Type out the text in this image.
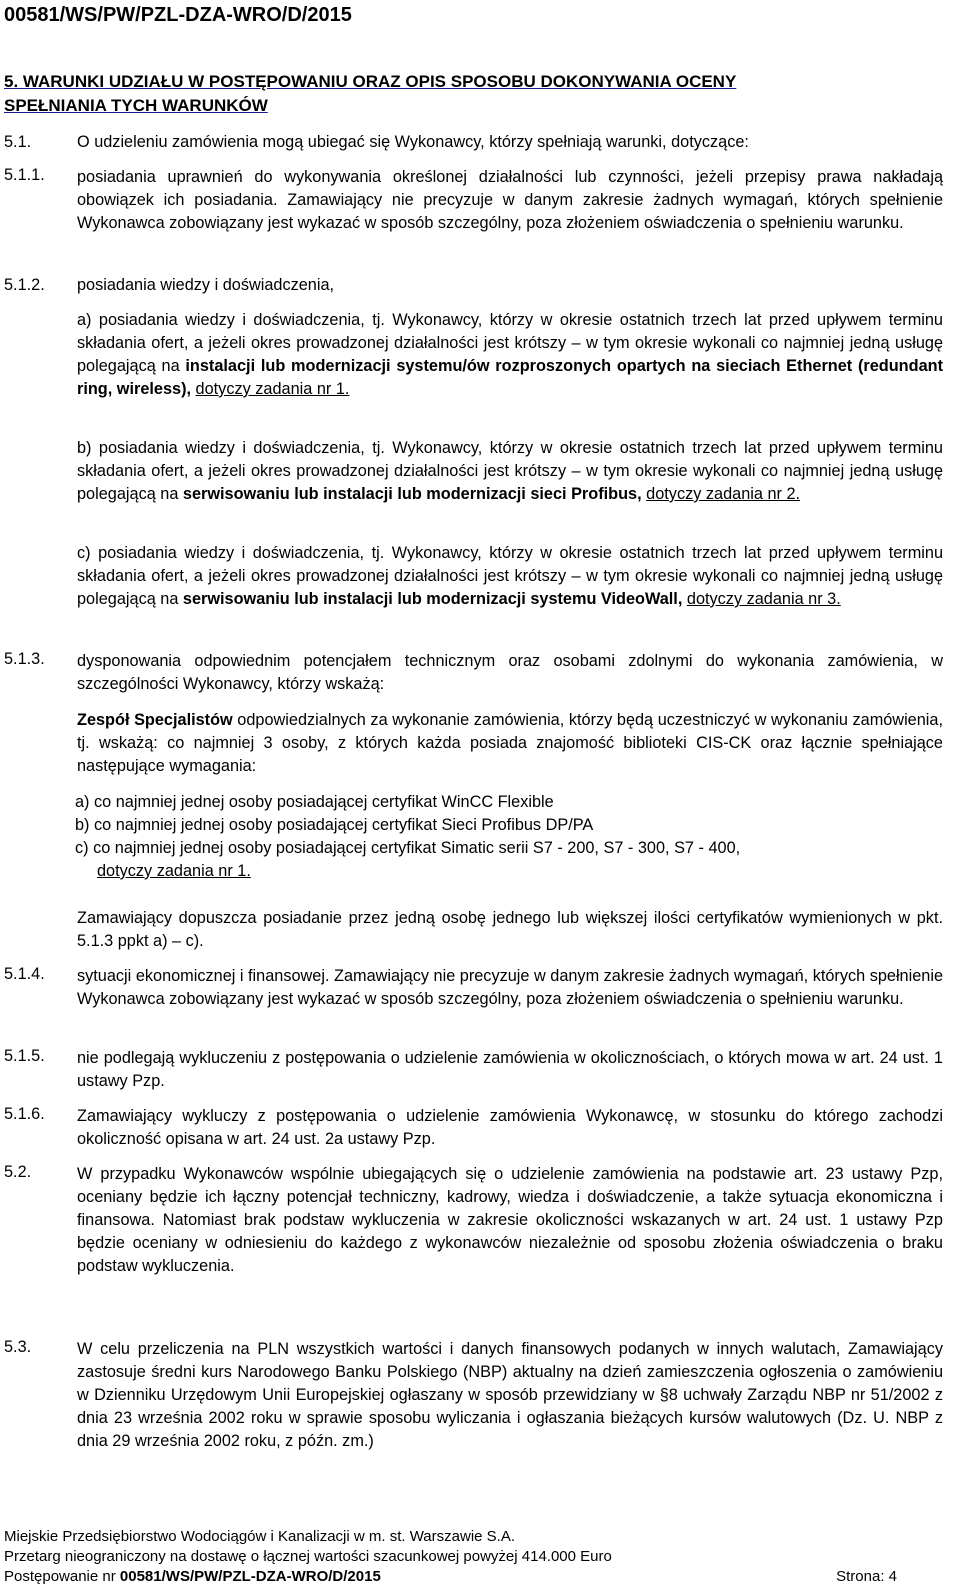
00581/WS/PW/PZL-DZA-WRO/D/2015
5. WARUNKI UDZIAŁU W POSTĘPOWANIU ORAZ OPIS SPOSOBU DOKONYWANIA OCENY
SPEŁNIANIA TYCH WARUNKÓW
5.1.	O udzieleniu zamówienia mogą ubiegać się Wykonawcy, którzy spełniają warunki, dotyczące:
5.1.1. posiadania uprawnień do wykonywania określonej działalności lub czynności, jeżeli przepisy prawa nakładają obowiązek ich posiadania. Zamawiający nie precyzuje w danym zakresie żadnych wymagań, których spełnienie Wykonawca zobowiązany jest wykazać w sposób szczególny, poza złożeniem oświadczenia o spełnieniu warunku.
5.1.2. posiadania wiedzy i doświadczenia,
a) posiadania wiedzy i doświadczenia, tj. Wykonawcy, którzy w okresie ostatnich trzech lat przed upływem terminu składania ofert, a jeżeli okres prowadzonej działalności jest krótszy – w tym okresie wykonali co najmniej jedną usługę polegającą na instalacji lub modernizacji systemu/ów rozproszonych opartych na sieciach Ethernet (redundant ring, wireless), dotyczy zadania nr 1.
b) posiadania wiedzy i doświadczenia, tj. Wykonawcy, którzy w okresie ostatnich trzech lat przed upływem terminu składania ofert, a jeżeli okres prowadzonej działalności jest krótszy – w tym okresie wykonali co najmniej jedną usługę polegającą na serwisowaniu lub instalacji lub modernizacji sieci Profibus, dotyczy zadania nr 2.
c) posiadania wiedzy i doświadczenia, tj. Wykonawcy, którzy w okresie ostatnich trzech lat przed upływem terminu składania ofert, a jeżeli okres prowadzonej działalności jest krótszy – w tym okresie wykonali co najmniej jedną usługę polegającą na serwisowaniu lub instalacji lub modernizacji systemu VideoWall, dotyczy zadania nr 3.
5.1.3. dysponowania odpowiednim potencjałem technicznym oraz osobami zdolnymi do wykonania zamówienia, w szczególności Wykonawcy, którzy wskażą:
Zespół Specjalistów odpowiedzialnych za wykonanie zamówienia, którzy będą uczestniczyć w wykonaniu zamówienia, tj. wskażą: co najmniej 3 osoby, z których każda posiada znajomość biblioteki CIS-CK oraz łącznie spełniające następujące wymagania:
a) co najmniej jednej osoby posiadającej certyfikat WinCC Flexible
b) co najmniej jednej osoby posiadającej certyfikat Sieci Profibus DP/PA
c) co najmniej jednej osoby posiadającej certyfikat Simatic serii S7 - 200, S7 - 300, S7 - 400,
dotyczy zadania nr 1.
Zamawiający dopuszcza posiadanie przez jedną osobę jednego lub większej ilości certyfikatów wymienionych w pkt. 5.1.3 ppkt a) – c).
5.1.4. sytuacji ekonomicznej i finansowej. Zamawiający nie precyzuje w danym zakresie żadnych wymagań, których spełnienie Wykonawca zobowiązany jest wykazać w sposób szczególny, poza złożeniem oświadczenia o spełnieniu warunku.
5.1.5. nie podlegają wykluczeniu z postępowania o udzielenie zamówienia w okolicznościach, o których mowa w art. 24 ust. 1 ustawy Pzp.
5.1.6. Zamawiający wykluczy z postępowania o udzielenie zamówienia Wykonawcę, w stosunku do którego zachodzi okoliczność opisana w art. 24 ust. 2a ustawy Pzp.
5.2.	W przypadku Wykonawców wspólnie ubiegających się o udzielenie zamówienia na podstawie art. 23 ustawy Pzp, oceniany będzie ich łączny potencjał techniczny, kadrowy, wiedza i doświadczenie, a także sytuacja ekonomiczna i finansowa. Natomiast brak podstaw wykluczenia w zakresie okoliczności wskazanych w art. 24 ust. 1 ustawy Pzp będzie oceniany w odniesieniu do każdego z wykonawców niezależnie od sposobu złożenia oświadczenia o braku podstaw wykluczenia.
5.3.	W celu przeliczenia na PLN wszystkich wartości i danych finansowych podanych w innych walutach, Zamawiający zastosuje średni kurs Narodowego Banku Polskiego (NBP) aktualny na dzień zamieszczenia ogłoszenia o zamówieniu w Dzienniku Urzędowym Unii Europejskiej ogłaszany w sposób przewidziany w §8 uchwały Zarządu NBP nr 51/2002 z dnia 23 września 2002 roku w sprawie sposobu wyliczania i ogłaszania bieżących kursów walutowych (Dz. U. NBP z dnia 29 września 2002 roku, z późn. zm.)
Miejskie Przedsiębiorstwo Wodociągów i Kanalizacji w m. st. Warszawie S.A.
Przetarg nieograniczony na dostawę o łącznej wartości szacunkowej powyżej 414.000 Euro
Postępowanie nr 00581/WS/PW/PZL-DZA-WRO/D/2015	Strona: 4
